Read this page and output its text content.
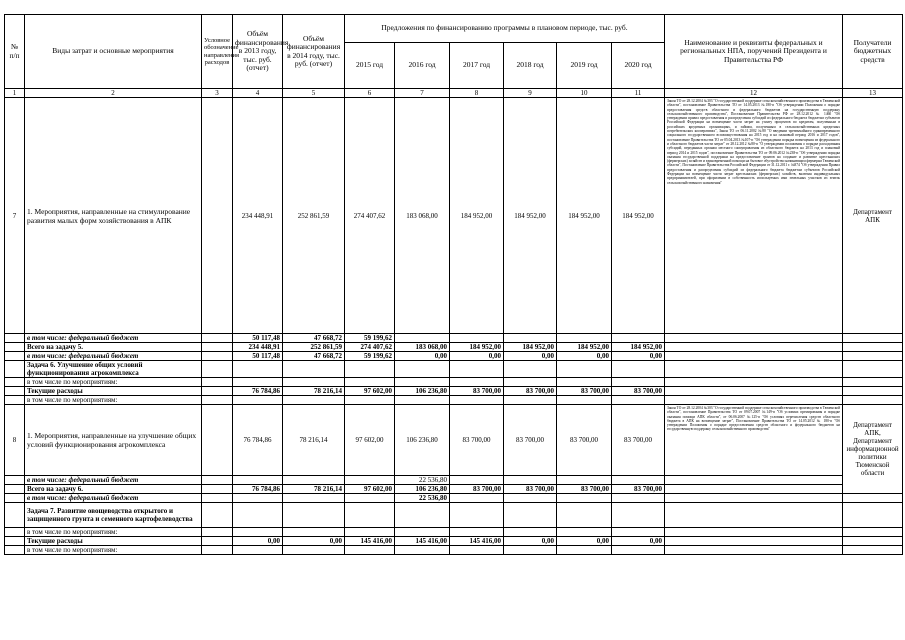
№ п/п	Виды затрат и основные мероприятия	Условное обозначение направления расходов	Объём финансирования в 2013 году, тыс. руб. (отчет)	Объём финансирования в 2014 году, тыс. руб. (отчет)	Предложения по финансированию программы в плановом периоде, тыс. руб.						Наименование и реквизиты федеральных и региональных НПА, поручений Президента и Правительства РФ	Получатели бюджетных средств
					2015 год	2016 год	2017 год	2018 год	2019 год	2020 год		
1	2	3	4	5	6	7	8	9	10	11	12	13
7	1. Мероприятия, направленные на стимулирование развития малых форм хозяйствования в АПК		234 448,91	252 861,59	274 407,62	183 068,00	184 952,00	184 952,00	184 952,00	184 952,00	Закон ТО от 28.12.2004 №303 "О государственной поддержке сельскохозяйственного производства в Тюменской области", постановление Правительства ТО от 14.05.2013 №180-п "Об утверждении Положения о порядке предоставления средств областного и федерального бюджетов на государственную поддержку сельскохозяйственного производства", Постановление Правительства РФ от 28.12.2012 № 1460 "Об утверждении правил предоставления и распределения субсидий из федерального бюджета бюджетам субъектов Российской Федерации на возмещение части затрат на уплату процентов по кредитам, полученным в российских кредитных организациях, и займам, полученным в сельскохозяйственных кредитных потребительских кооперативах", Закон ТО от 06.11.2002 №80 "О введении чрезвычайного единовременного социального государственного вспомоществования на 2015 год и на плановый период 2016 и 2017 годов", постановление Правительства ТО от 05.04.2013 №107-п "Об утверждении порядка возмещения из федерального и областного бюджетов части затрат" от 28.12.2012 №80-п "О утверждении положения о порядке расходования субсидий, переданных органам местного самоуправления из областного бюджета на 2013 год и плановый период 2014 и 2015 годов", постановление Правительства ТО от 09.06.2012 №238-п "Об утверждении порядка оказания государственной поддержки на предоставление грантов на создание и развитие крестьянских (фермерских) хозяйств и единовременной помощи на бытовое обустройство начинающим фермерам Тюменской области", Постановление Правительства Российской Федерации от 31.12.2011 г. №874 "Об утверждении Правил предоставления и распределения субсидий из федерального бюджета бюджетам субъектов Российской Федерации на возмещение части затрат крестьянских (фермерских) хозяйств, включая индивидуальных предпринимателей, при оформлении в собственность используемых ими земельных участков из земель сельскохозяйственного назначения"	Департамент АПК
	в том числе: федеральный бюджет		50 117,48	47 668,72	59 199,62							
	Всего на задачу 5.		234 448,91	252 861,59	274 407,62	183 068,00	184 952,00	184 952,00	184 952,00	184 952,00		
	в том числе: федеральный бюджет		50 117,48	47 668,72	59 199,62	0,00	0,00	0,00	0,00	0,00		
	Задача 6. Улучшение общих условий функционирования агрокомплекса											
	в том числе по мероприятиям:											
	Текущие расходы		76 784,86	78 216,14	97 602,00	106 236,80	83 700,00	83 700,00	83 700,00	83 700,00		
	в том числе по мероприятиям:											
8	1. Мероприятия, направленные на улучшение общих условий функционирования агрокомплекса		76 784,86	78 216,14	97 602,00	106 236,80	83 700,00	83 700,00	83 700,00	83 700,00	Закон ТО от 28.12.2004 №303 "О государственной поддержке сельскохозяйственного производства в Тюменской области", постановление Правительства ТО от 09.07.2007 №149-п "Об условиях премирования и порядке оказания помощи АПК области", от 06.06.2007 №125-п "Об условиях перечисления средств областного бюджета в АПК на возмещение затрат", Постановление Правительства ТО от 14.05.2012 № 180-п "Об утверждении Положения о порядке предоставления средств областного и федерального бюджетов на государственную поддержку сельскохозяйственного производства"	Департамент АПК, Департамент информационной политики Тюменской области
	в том числе: федеральный бюджет					22 536,80						
	Всего на задачу 6.		76 784,86	78 216,14	97 602,00	106 236,80	83 700,00	83 700,00	83 700,00	83 700,00		
	в том числе: федеральный бюджет					22 536,80						
	Задача 7. Развитие овощеводства открытого и защищенного грунта и семенного картофелеводства											
	в том числе по мероприятиям:											
	Текущие расходы		0,00	0,00	145 416,00	145 416,00	145 416,00	0,00	0,00	0,00		
	в том числе по мероприятиям:											
